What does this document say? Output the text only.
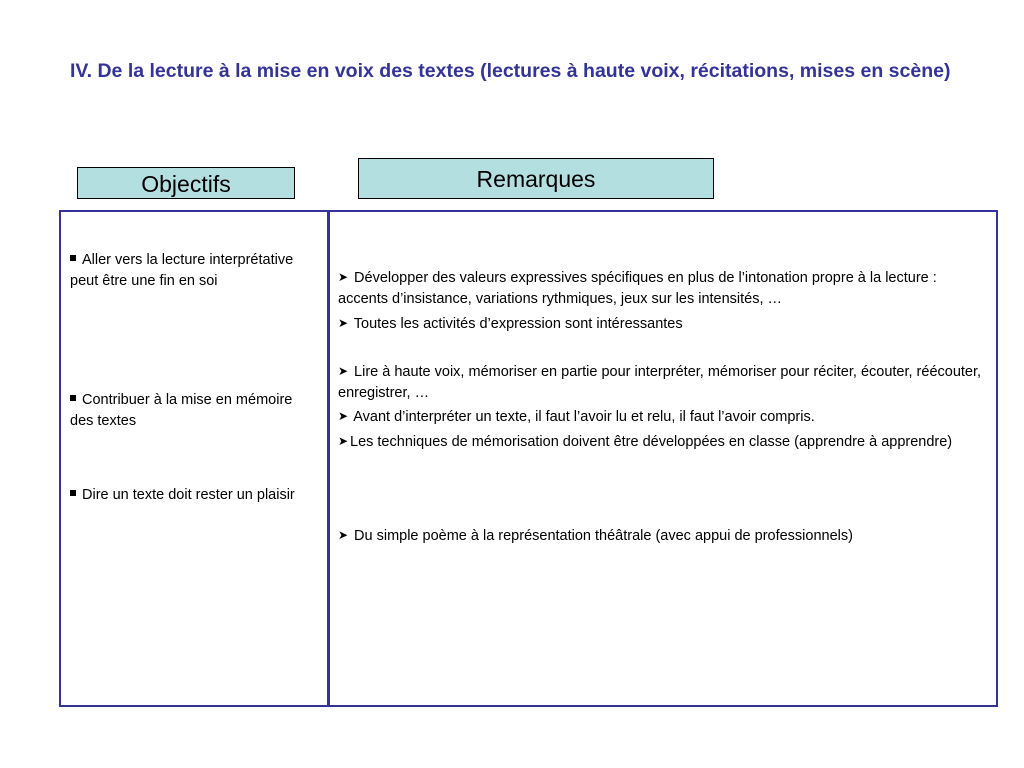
IV. De la lecture à la mise en voix des textes (lectures à haute voix, récitations, mises en scène)
Objectifs	Remarques

Aller vers la lecture interprétative peut être une fin en soi

Contribuer à la mise en mémoire des textes

Dire un texte doit rester un plaisir

➤ Développer des valeurs expressives spécifiques en plus de l’intonation propre à la lecture : accents d’insistance, variations rythmiques, jeux sur les intensités, …

➤ Toutes les activités d’expression sont intéressantes

➤ Lire à haute voix, mémoriser en partie pour interpréter, mémoriser pour réciter, écouter, réécouter, enregistrer, …

➤ Avant d’interpréter un texte, il faut l’avoir lu et relu, il faut l’avoir compris.

➤ Les techniques de mémorisation doivent être développées en classe (apprendre à apprendre)

➤ Du simple poème à la représentation théâtrale (avec appui de professionnels)
